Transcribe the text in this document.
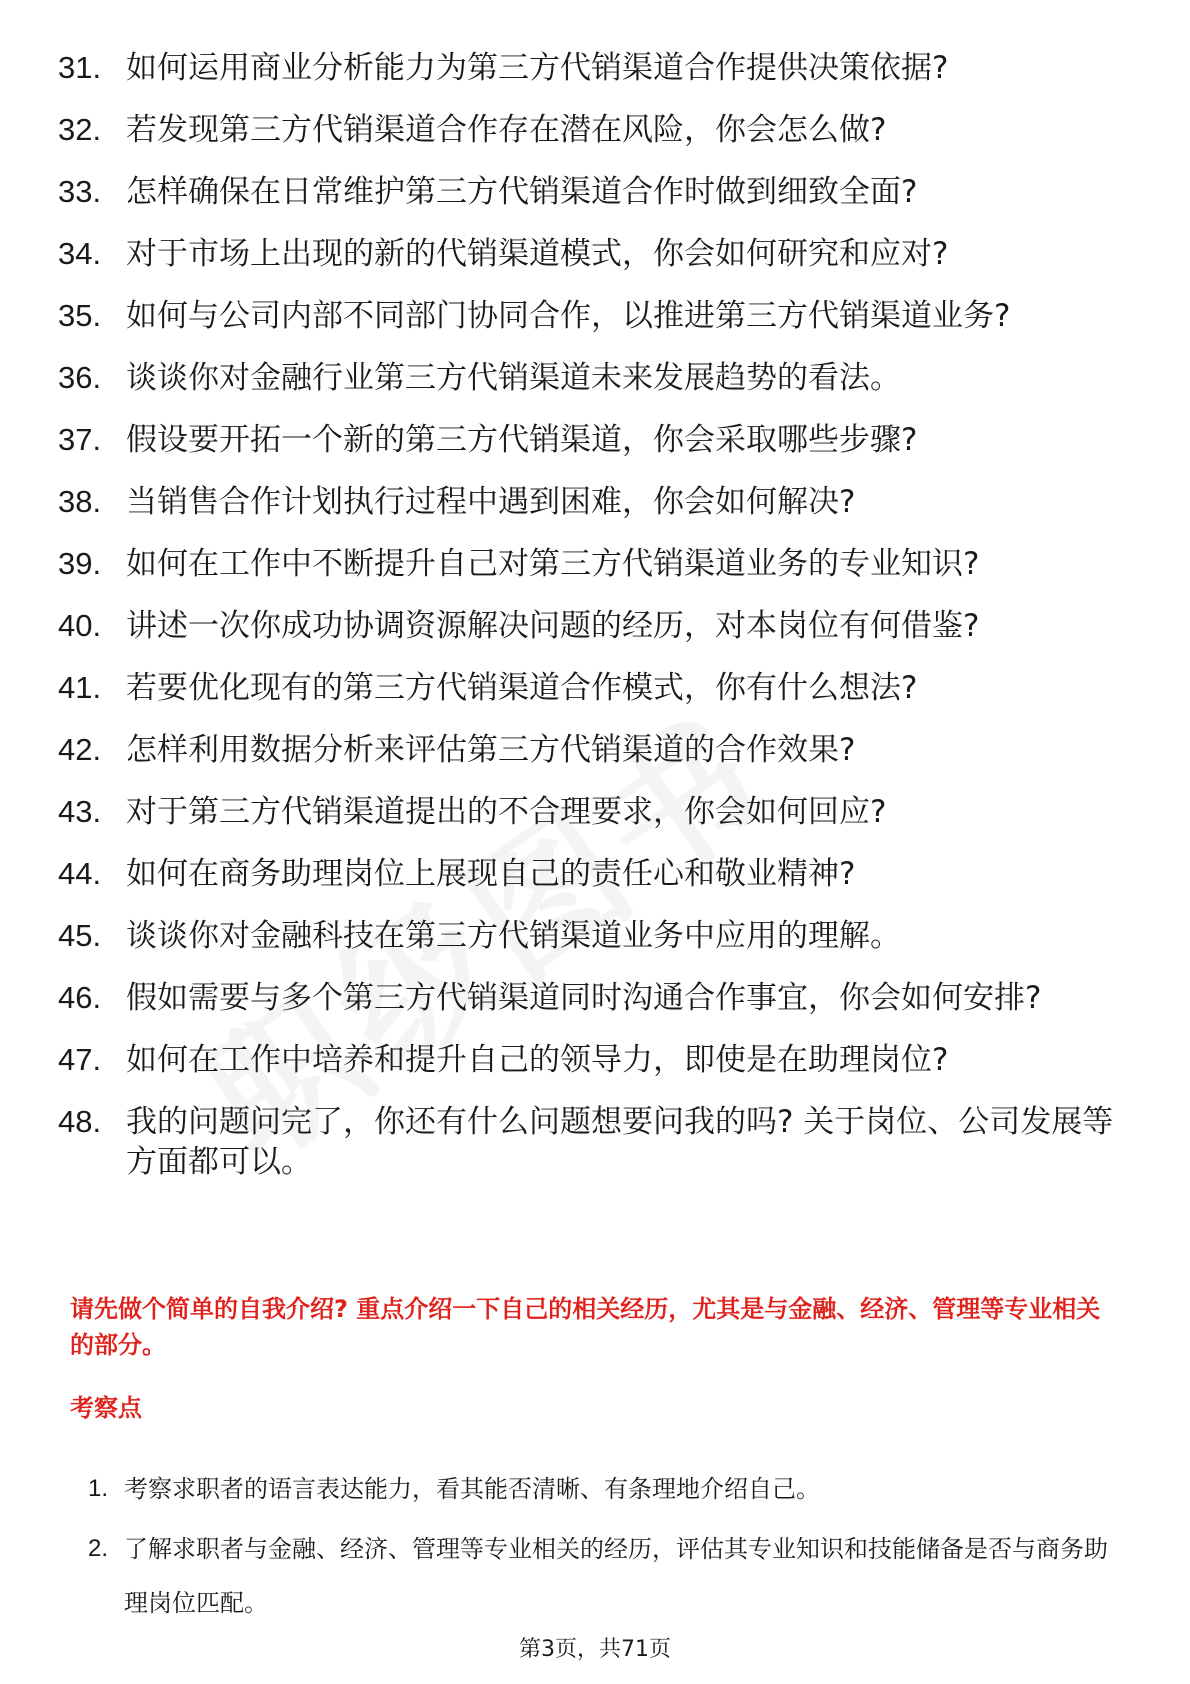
31. 如何运用商业分析能力为第三方代销渠道合作提供决策依据?
32. 若发现第三方代销渠道合作存在潜在风险，你会怎么做?
33. 怎样确保在日常维护第三方代销渠道合作时做到细致全面?
34. 对于市场上出现的新的代销渠道模式，你会如何研究和应对?
35. 如何与公司内部不同部门协同合作，以推进第三方代销渠道业务?
36. 谈谈你对金融行业第三方代销渠道未来发展趋势的看法。
37. 假设要开拓一个新的第三方代销渠道，你会采取哪些步骤?
38. 当销售合作计划执行过程中遇到困难，你会如何解决?
39. 如何在工作中不断提升自己对第三方代销渠道业务的专业知识?
40. 讲述一次你成功协调资源解决问题的经历，对本岗位有何借鉴?
41. 若要优化现有的第三方代销渠道合作模式，你有什么想法?
42. 怎样利用数据分析来评估第三方代销渠道的合作效果?
43. 对于第三方代销渠道提出的不合理要求，你会如何回应?
44. 如何在商务助理岗位上展现自己的责任心和敬业精神?
45. 谈谈你对金融科技在第三方代销渠道业务中应用的理解。
46. 假如需要与多个第三方代销渠道同时沟通合作事宜，你会如何安排?
47. 如何在工作中培养和提升自己的领导力，即使是在助理岗位?
48. 我的问题问完了，你还有什么问题想要问我的吗? 关于岗位、公司发展等方面都可以。
请先做个简单的自我介绍? 重点介绍一下自己的相关经历，尤其是与金融、经济、管理等专业相关的部分。
考察点
1. 考察求职者的语言表达能力，看其能否清晰、有条理地介绍自己。
2. 了解求职者与金融、经济、管理等专业相关的经历，评估其专业知识和技能储备是否与商务助理岗位匹配。
第3页，共71页
